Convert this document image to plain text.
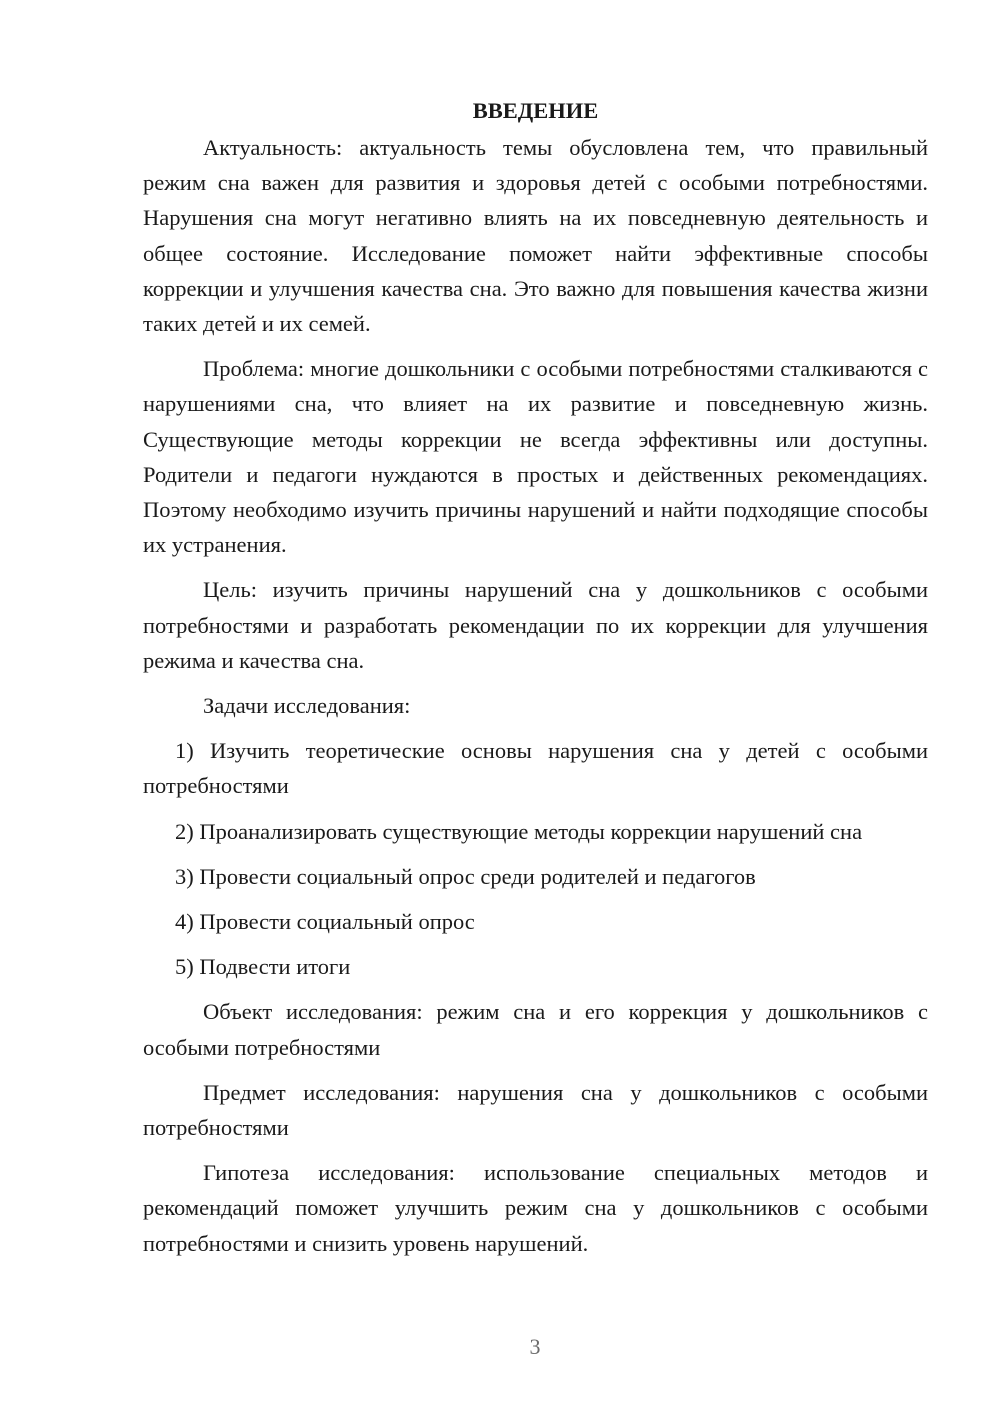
ВВЕДЕНИЕ

Актуальность: актуальность темы обусловлена тем, что правильный режим сна важен для развития и здоровья детей с особыми потребностями. Нарушения сна могут негативно влиять на их повседневную деятельность и общее состояние. Исследование поможет найти эффективные способы коррекции и улучшения качества сна. Это важно для повышения качества жизни таких детей и их семей.

Проблема: многие дошкольники с особыми потребностями сталкиваются с нарушениями сна, что влияет на их развитие и повседневную жизнь. Существующие методы коррекции не всегда эффективны или доступны. Родители и педагоги нуждаются в простых и действенных рекомендациях. Поэтому необходимо изучить причины нарушений и найти подходящие способы их устранения.

Цель: изучить причины нарушений сна у дошкольников с особыми потребностями и разработать рекомендации по их коррекции для улучшения режима и качества сна.

Задачи исследования:

1) Изучить теоретические основы нарушения сна у детей с особыми потребностями

2) Проанализировать существующие методы коррекции нарушений сна

3) Провести социальный опрос среди родителей и педагогов

4) Провести социальный опрос

5) Подвести итоги

Объект исследования: режим сна и его коррекция у дошкольников с особыми потребностями

Предмет исследования: нарушения сна у дошкольников с особыми потребностями

Гипотеза исследования: использование специальных методов и рекомендаций поможет улучшить режим сна у дошкольников с особыми потребностями и снизить уровень нарушений.

3
